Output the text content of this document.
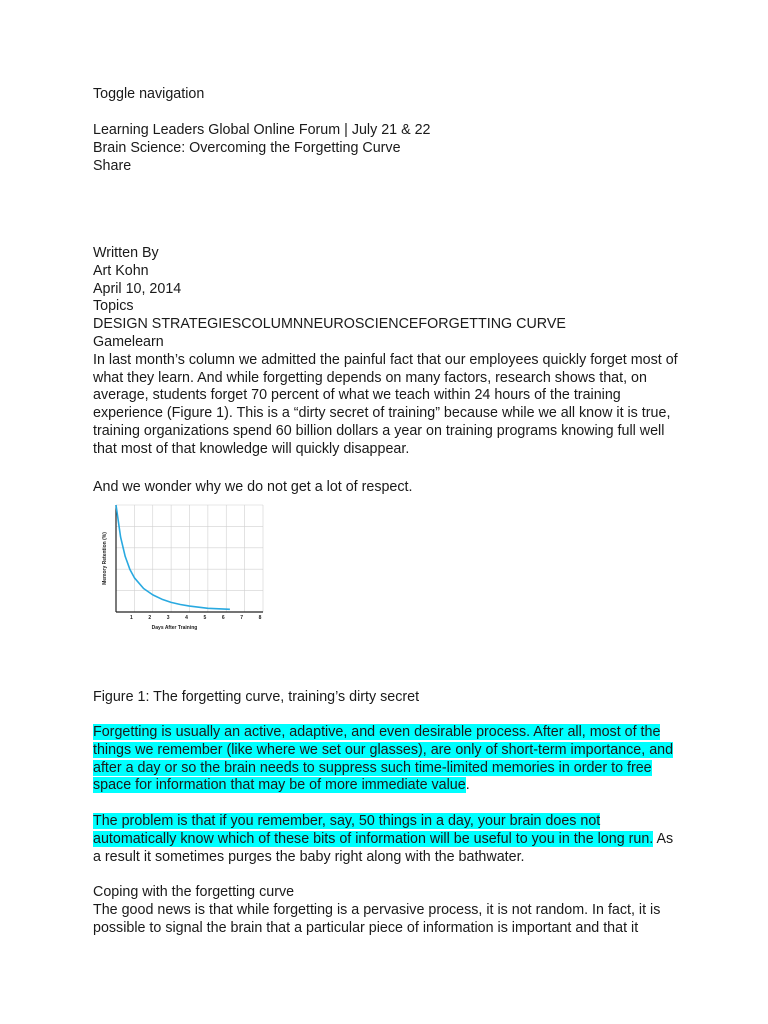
Toggle navigation

Learning Leaders Global Online Forum | July 21 & 22

Brain Science: Overcoming the Forgetting Curve

Share

Written By

Art Kohn

April 10, 2014

Topics

DESIGN STRATEGIESCOLUMNNEUROSCIENCEFORGETTING CURVE

Gamelearn

In last month’s column we admitted the painful fact that our employees quickly forget most of

what they learn. And while forgetting depends on many factors, research shows that, on

average, students forget 70 percent of what we teach within 24 hours of the training

experience (Figure 1). This is a “dirty secret of training” because while we all know it is true,

training organizations spend 60 billion dollars a year on training programs knowing full well

that most of that knowledge will quickly disappear.

And we wonder why we do not get a lot of respect.

1	2	3	4	5	6	7	8
Days After Training
Memory Retention (%)

Figure 1: The forgetting curve, training’s dirty secret

Forgetting is usually an active, adaptive, and even desirable process. After all, most of the

things we remember (like where we set our glasses), are only of short-term importance, and

after a day or so the brain needs to suppress such time-limited memories in order to free

space for information that may be of more immediate value.

The problem is that if you remember, say, 50 things in a day, your brain does not

automatically know which of these bits of information will be useful to you in the long run. As

a result it sometimes purges the baby right along with the bathwater.

Coping with the forgetting curve

The good news is that while forgetting is a pervasive process, it is not random. In fact, it is

possible to signal the brain that a particular piece of information is important and that it
